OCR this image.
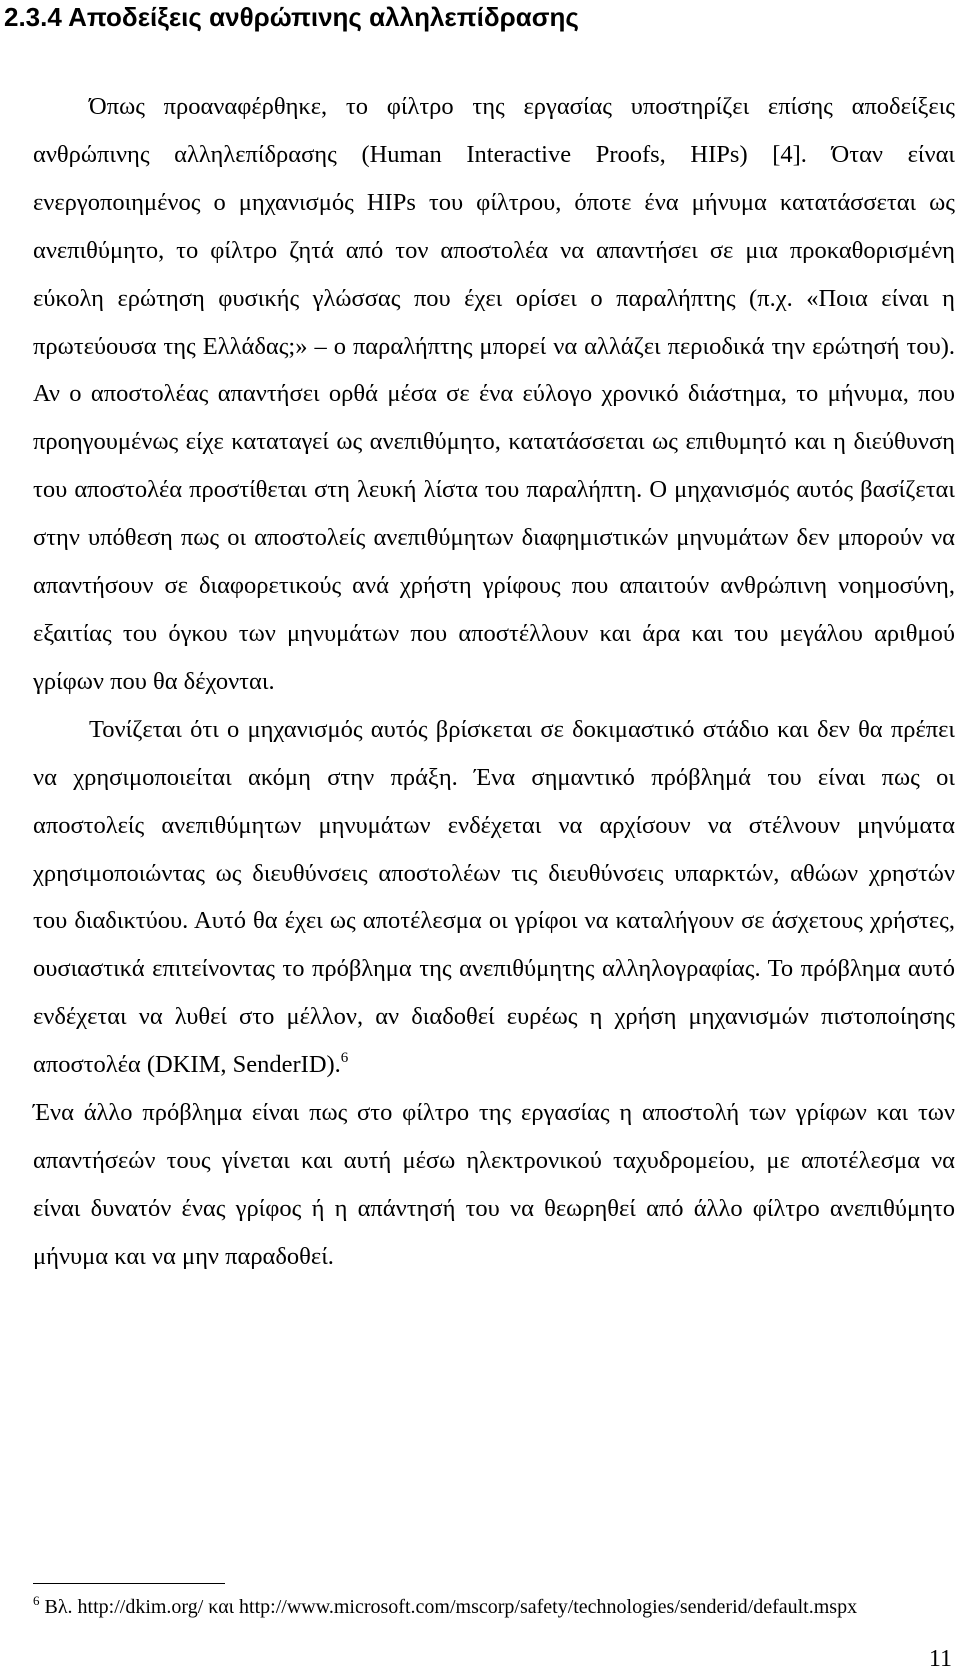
2.3.4 Αποδείξεις ανθρώπινης αλληλεπίδρασης

Όπως προαναφέρθηκε, το φίλτρο της εργασίας υποστηρίζει επίσης αποδείξεις ανθρώπινης αλληλεπίδρασης (Human Interactive Proofs, HIPs) [4]. Όταν είναι ενεργοποιημένος ο μηχανισμός HIPs του φίλτρου, όποτε ένα μήνυμα κατατάσσεται ως ανεπιθύμητο, το φίλτρο ζητά από τον αποστολέα να απαντήσει σε μια προκαθορισμένη εύκολη ερώτηση φυσικής γλώσσας που έχει ορίσει ο παραλήπτης (π.χ. «Ποια είναι η πρωτεύουσα της Ελλάδας;» – ο παραλήπτης μπορεί να αλλάζει περιοδικά την ερώτησή του). Αν ο αποστολέας απαντήσει ορθά μέσα σε ένα εύλογο χρονικό διάστημα, το μήνυμα, που προηγουμένως είχε καταταγεί ως ανεπιθύμητο, κατατάσσεται ως επιθυμητό και η διεύθυνση του αποστολέα προστίθεται στη λευκή λίστα του παραλήπτη. Ο μηχανισμός αυτός βασίζεται στην υπόθεση πως οι αποστολείς ανεπιθύμητων διαφημιστικών μηνυμάτων δεν μπορούν να απαντήσουν σε διαφορετικούς ανά χρήστη γρίφους που απαιτούν ανθρώπινη νοημοσύνη, εξαιτίας του όγκου των μηνυμάτων που αποστέλλουν και άρα και του μεγάλου αριθμού γρίφων που θα δέχονται.

Τονίζεται ότι ο μηχανισμός αυτός βρίσκεται σε δοκιμαστικό στάδιο και δεν θα πρέπει να χρησιμοποιείται ακόμη στην πράξη. Ένα σημαντικό πρόβλημά του είναι πως οι αποστολείς ανεπιθύμητων μηνυμάτων ενδέχεται να αρχίσουν να στέλνουν μηνύματα χρησιμοποιώντας ως διευθύνσεις αποστολέων τις διευθύνσεις υπαρκτών, αθώων χρηστών του διαδικτύου. Αυτό θα έχει ως αποτέλεσμα οι γρίφοι να καταλήγουν σε άσχετους χρήστες, ουσιαστικά επιτείνοντας το πρόβλημα της ανεπιθύμητης αλληλογραφίας. Το πρόβλημα αυτό ενδέχεται να λυθεί στο μέλλον, αν διαδοθεί ευρέως η χρήση μηχανισμών πιστοποίησης αποστολέα (DKIM, SenderID).$^6$

Ένα άλλο πρόβλημα είναι πως στο φίλτρο της εργασίας η αποστολή των γρίφων και των απαντήσεών τους γίνεται και αυτή μέσω ηλεκτρονικού ταχυδρομείου, με αποτέλεσμα να είναι δυνατόν ένας γρίφος ή η απάντησή του να θεωρηθεί από άλλο φίλτρο ανεπιθύμητο μήνυμα και να μην παραδοθεί.

$^6$ Βλ. http://dkim.org/ και http://www.microsoft.com/mscorp/safety/technologies/senderid/default.mspx

11
